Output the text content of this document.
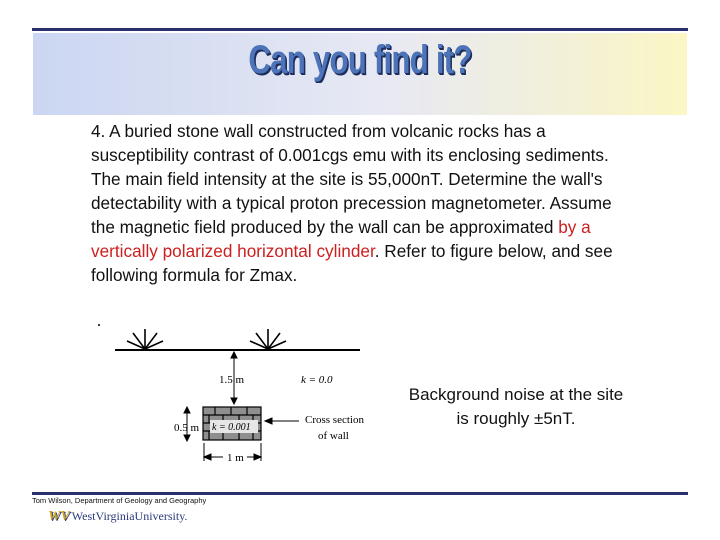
Can you find it?
4. A buried stone wall constructed from volcanic rocks has a susceptibility contrast of 0.001cgs emu with its enclosing sediments. The main field intensity at the site is 55,000nT. Determine the wall's detectability with a typical proton precession magnetometer. Assume the magnetic field produced by the wall can be approximated by a vertically polarized horizontal cylinder. Refer to figure below, and see following formula for Zmax.
1.5 m	k = 0.0
0.5 m k = 0.001
Cross section
of wall
1 m
Background noise at the site is roughly ±5nT.
Tom Wilson, Department of Geology and Geography
WV WestVirginiaUniversity.
